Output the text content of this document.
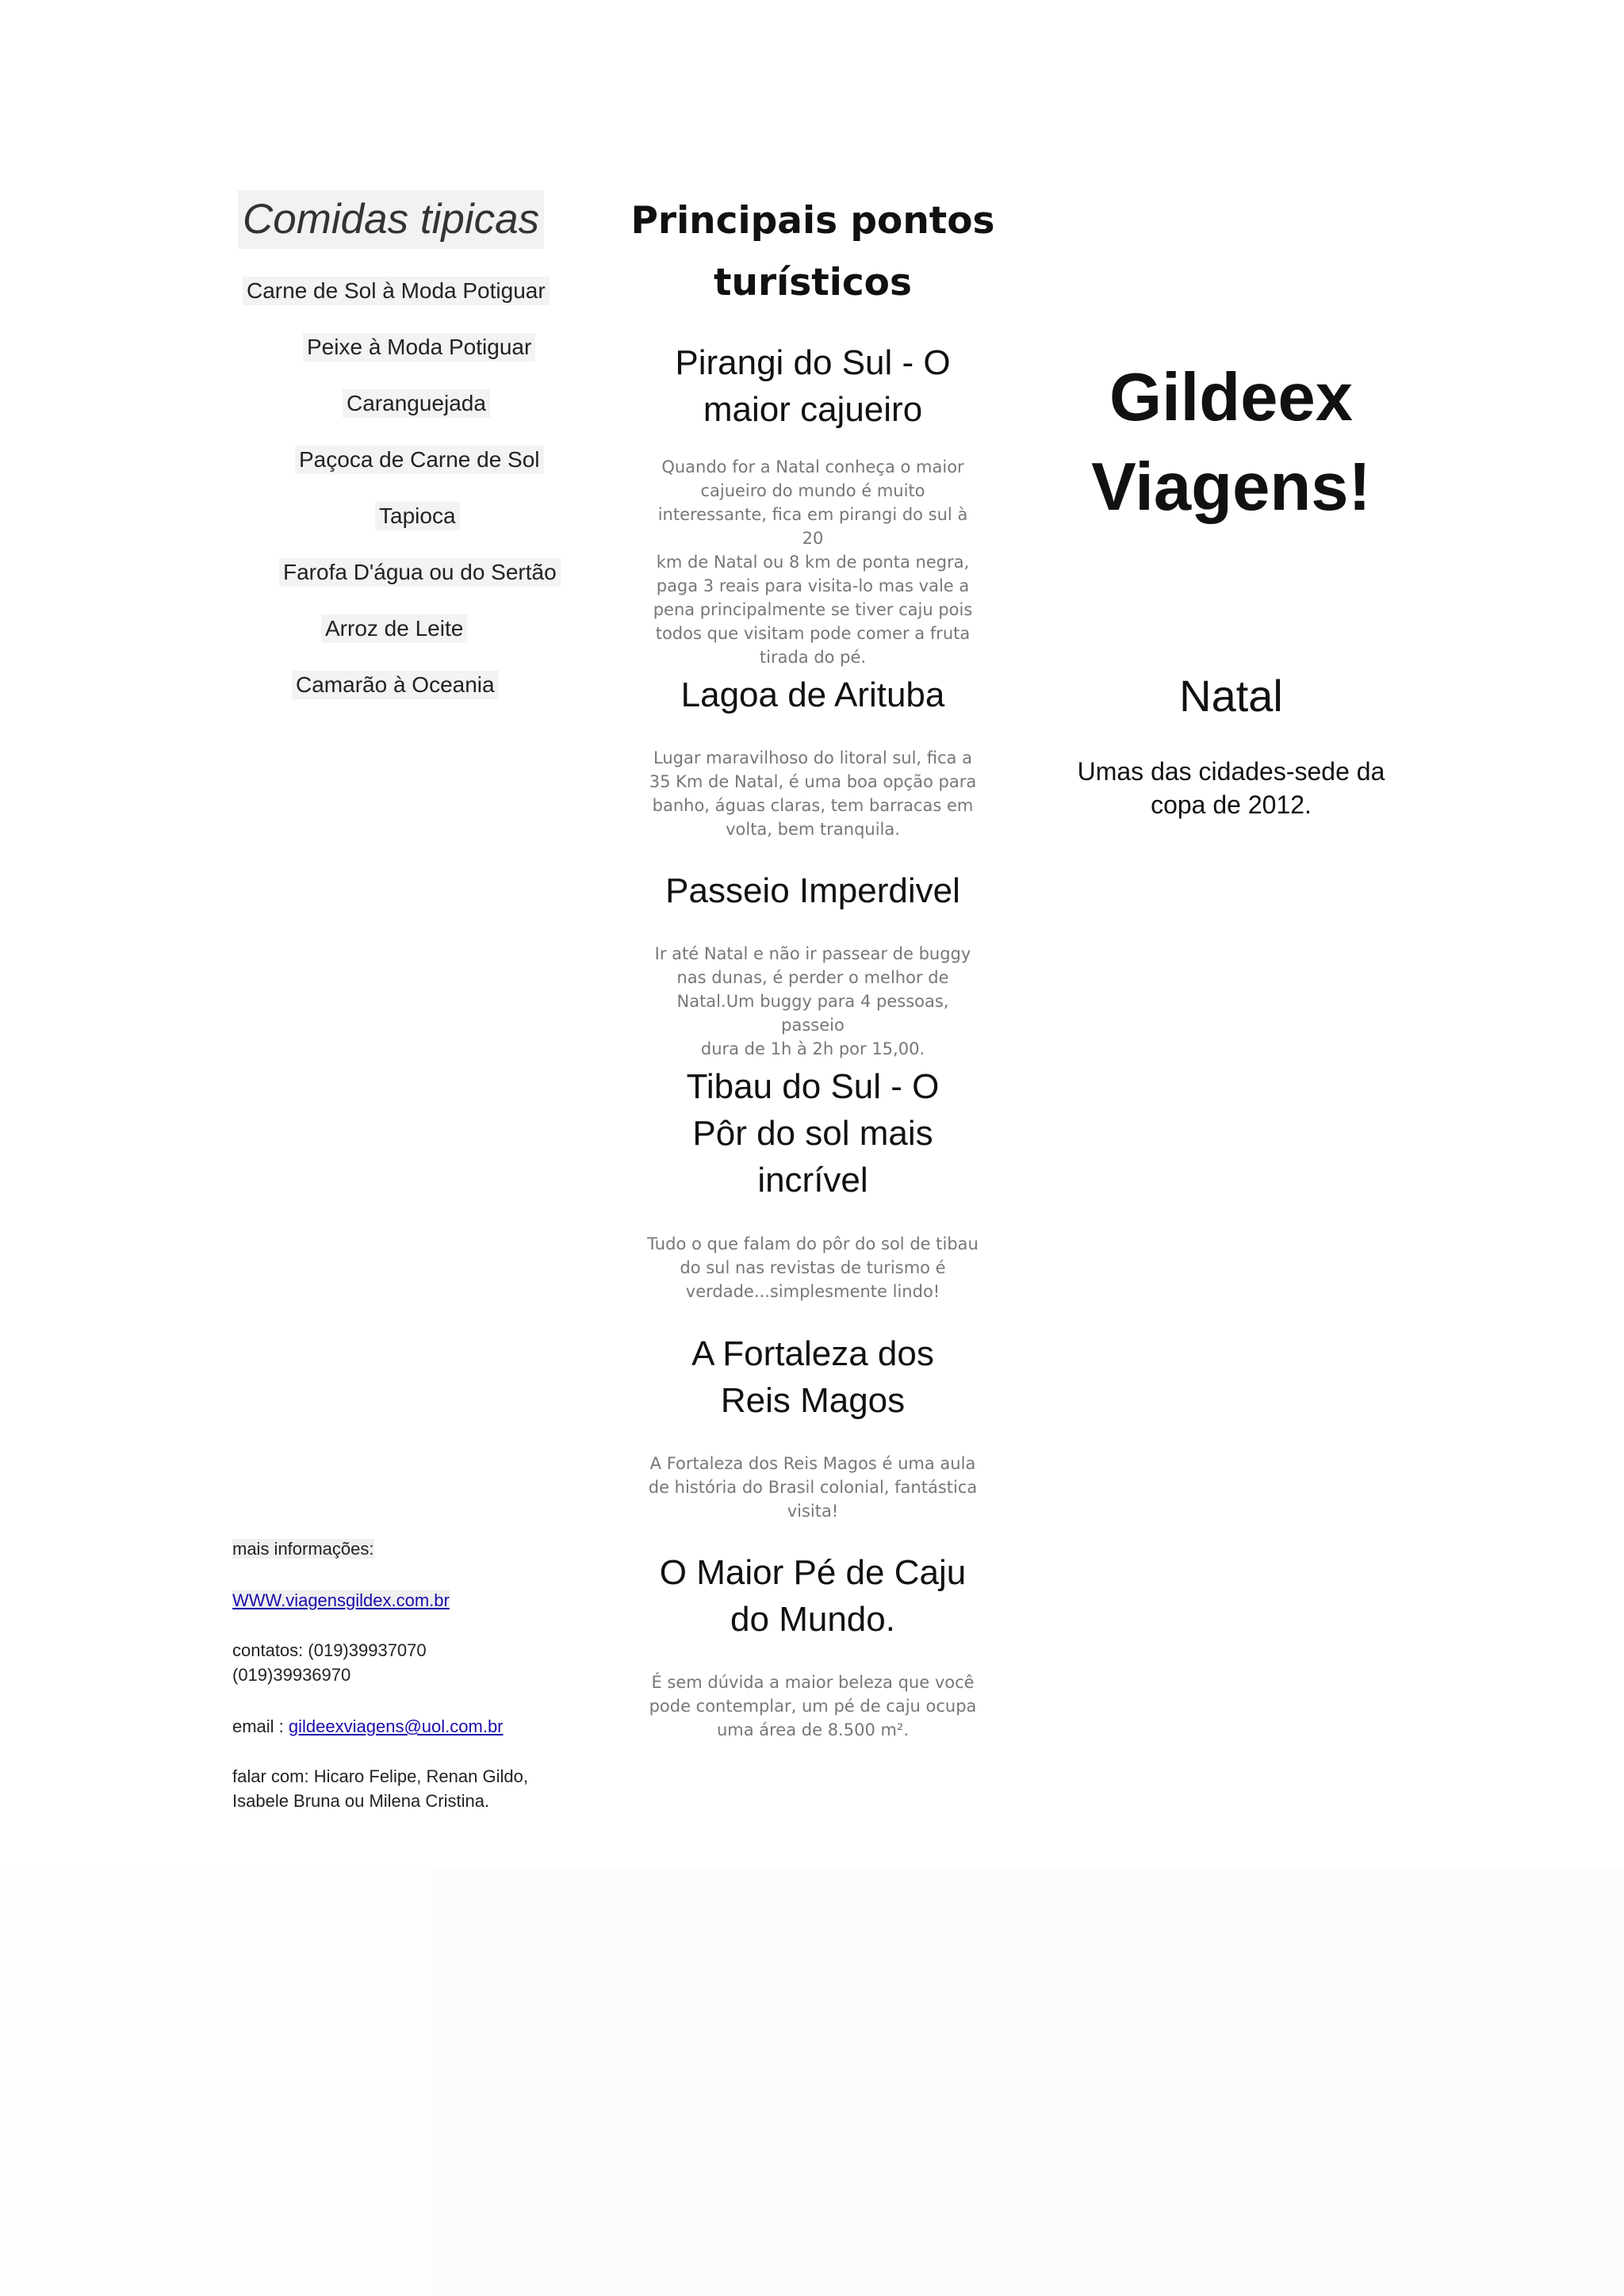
Comidas tipicas
Carne de Sol à Moda Potiguar
Peixe à Moda Potiguar
Caranguejada
Paçoca de Carne de Sol
Tapioca
Farofa D'água ou do Sertão
Arroz de Leite
Camarão à Oceania
mais informações:
WWW.viagensgildex.com.br
contatos: (019)39937070
(019)39936970
email : gildeexviagens@uol.com.br
falar com: Hicaro Felipe, Renan Gildo,
Isabele Bruna ou Milena Cristina.
Principais pontos
turísticos
Pirangi do Sul - O
maior cajueiro
Quando for a Natal conheça o maior
cajueiro do mundo é muito
interessante, fica em pirangi do sul à 20
km de Natal ou 8 km de ponta negra,
paga 3 reais para visita-lo mas vale a
pena principalmente se tiver caju pois
todos que visitam pode comer a fruta
tirada do pé.
Lagoa de Arituba
Lugar maravilhoso do litoral sul, fica a
35 Km de Natal, é uma boa opção para
banho, águas claras, tem barracas em
volta, bem tranquila.
Passeio Imperdivel
Ir até Natal e não ir passear de buggy
nas dunas, é perder o melhor de
Natal.Um buggy para 4 pessoas, passeio
dura de 1h à 2h por 15,00.
Tibau do Sul - O
Pôr do sol mais
incrível
Tudo o que falam do pôr do sol de tibau
do sul nas revistas de turismo é
verdade...simplesmente lindo!
A Fortaleza dos
Reis Magos
A Fortaleza dos Reis Magos é uma aula
de história do Brasil colonial, fantástica
visita!
O Maior Pé de Caju
do Mundo.
É sem dúvida a maior beleza que você
pode contemplar, um pé de caju ocupa
uma área de 8.500 m².
Gildeex
Viagens!
Natal
Umas das cidades-sede da
copa de 2012.
